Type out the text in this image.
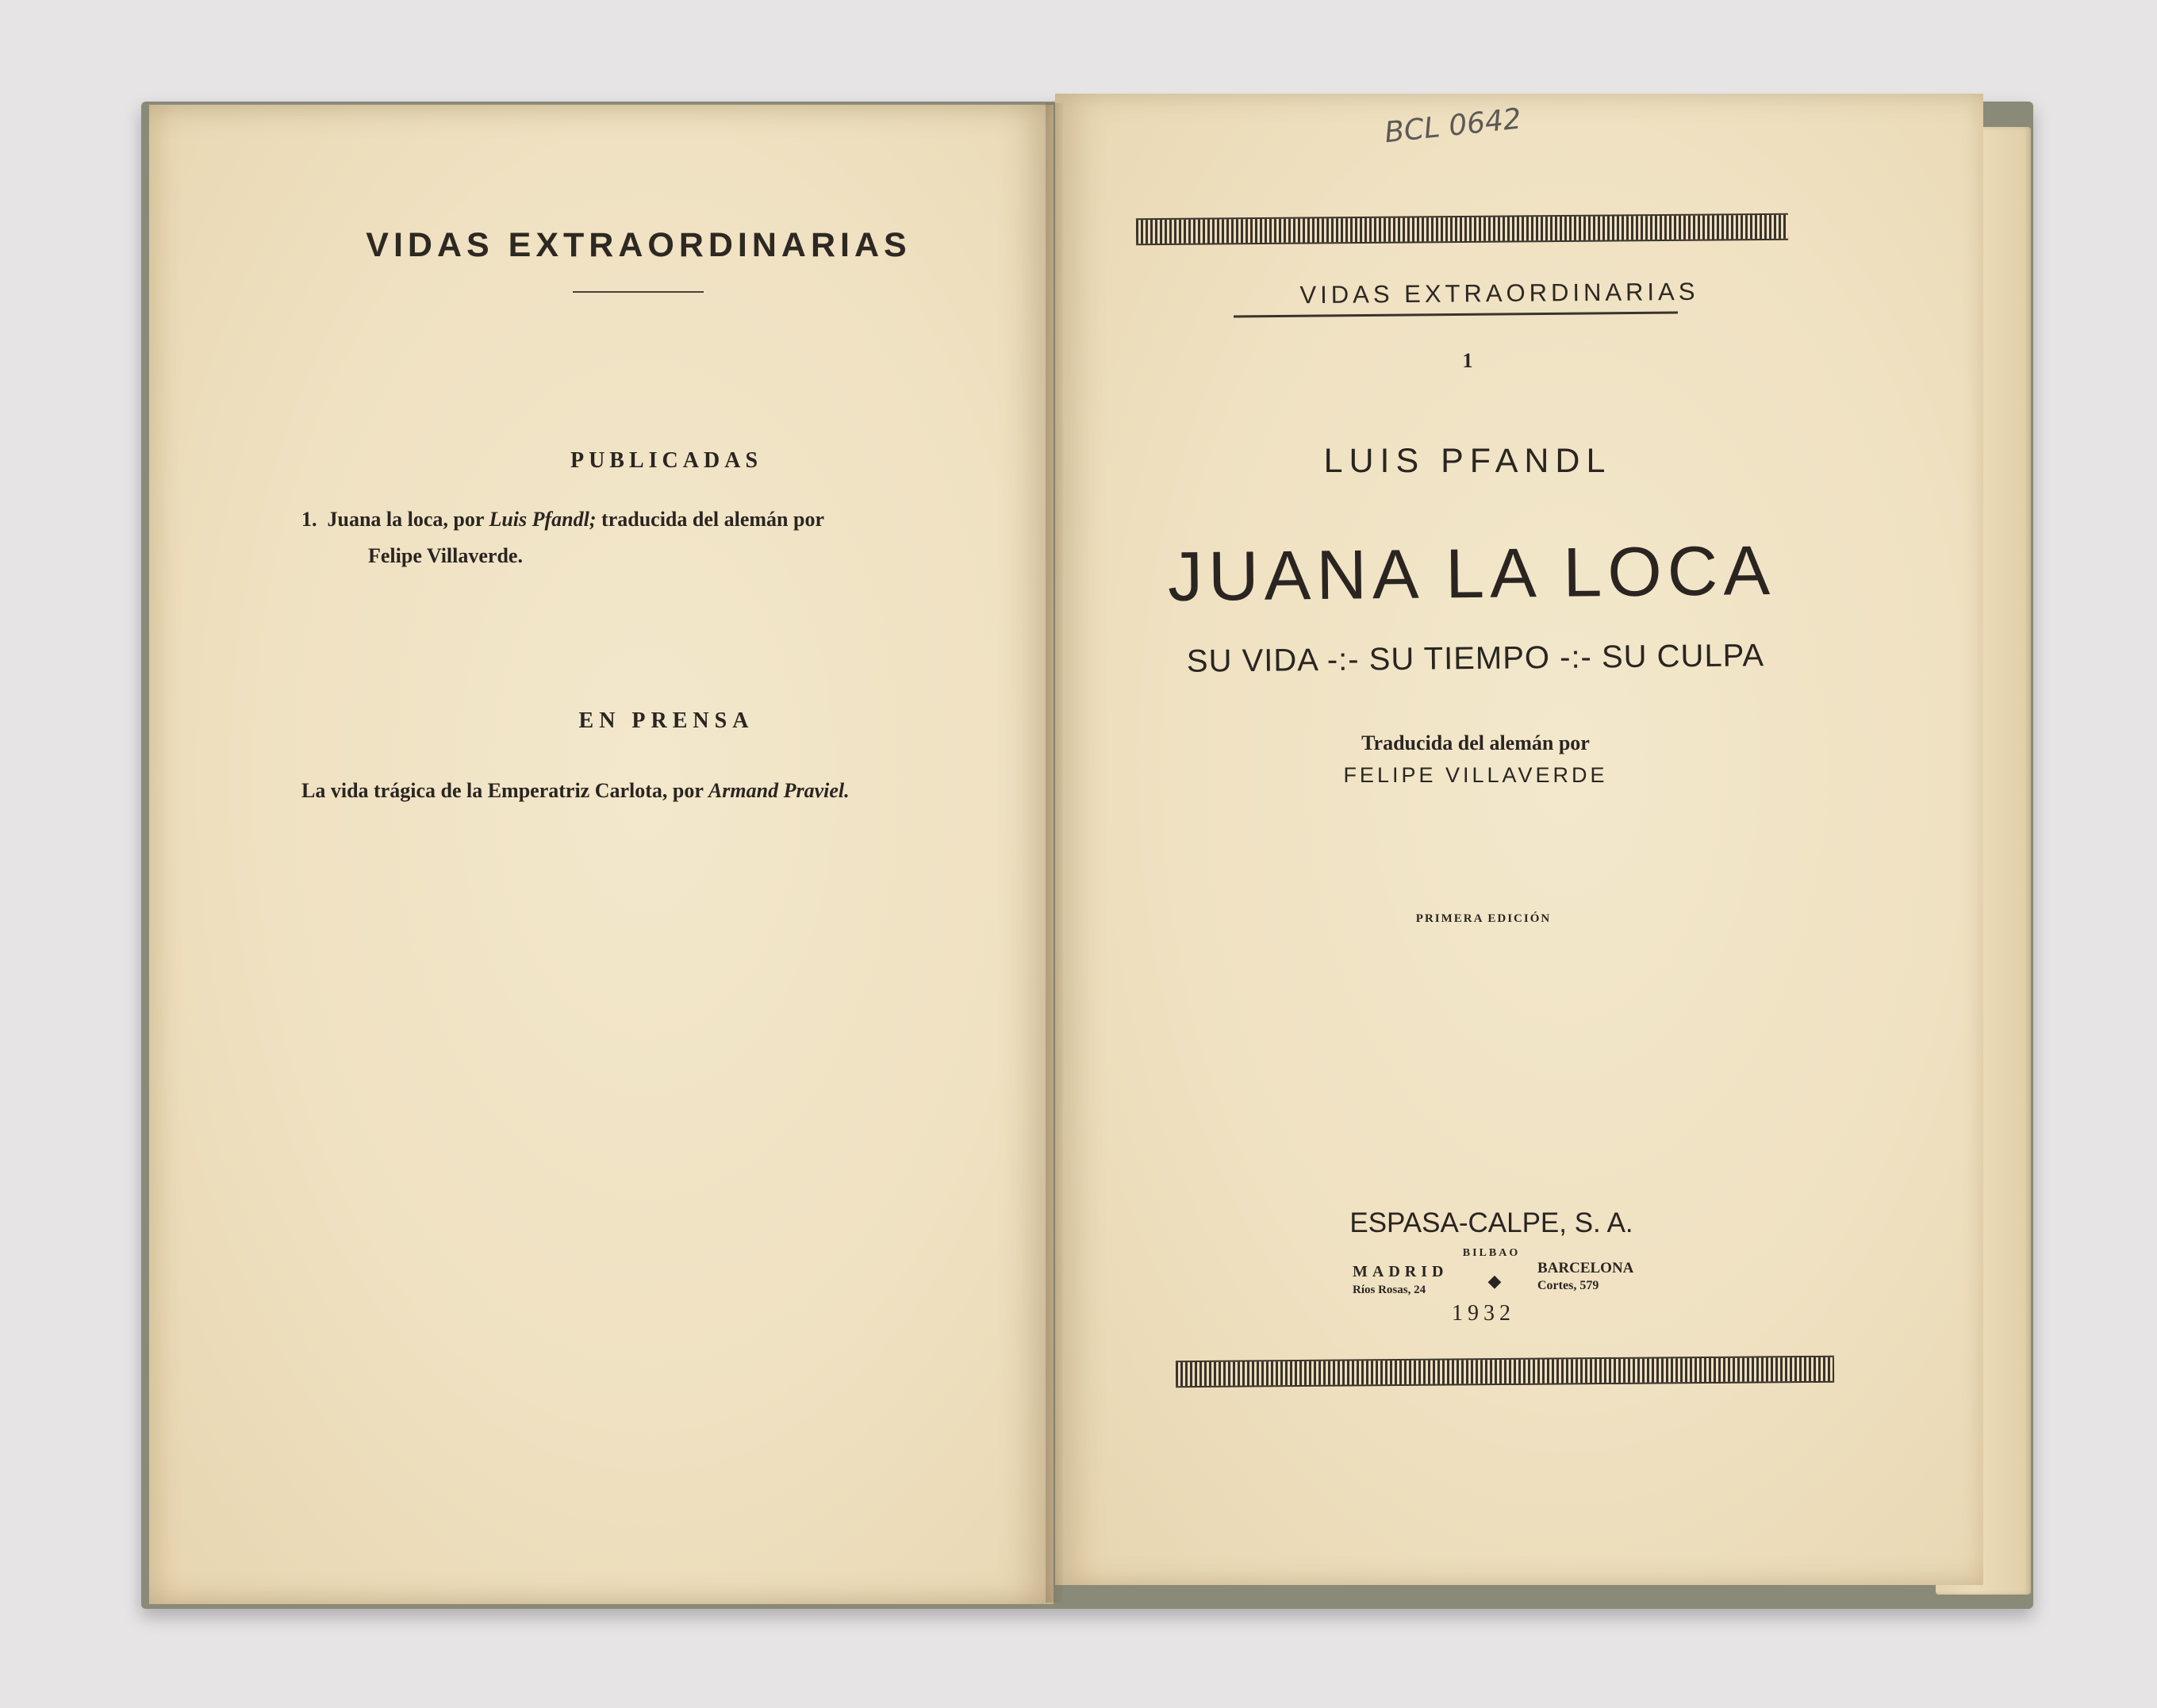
VIDAS EXTRAORDINARIAS
PUBLICADAS
1. Juana la loca, por Luis Pfandl; traducida del alemán por
Felipe Villaverde.
EN PRENSA
La vida trágica de la Emperatriz Carlota, por Armand Praviel.
BCL 0642
VIDAS EXTRAORDINARIAS
1
LUIS PFANDL
JUANA LA LOCA
SU VIDA -:- SU TIEMPO -:- SU CULPA
Traducida del alemán por
FELIPE VILLAVERDE
PRIMERA EDICIÓN
ESPASA-CALPE, S. A.
BILBAO
MADRID
Ríos Rosas, 24	◆
BARCELONA
Cortes, 579
1932
